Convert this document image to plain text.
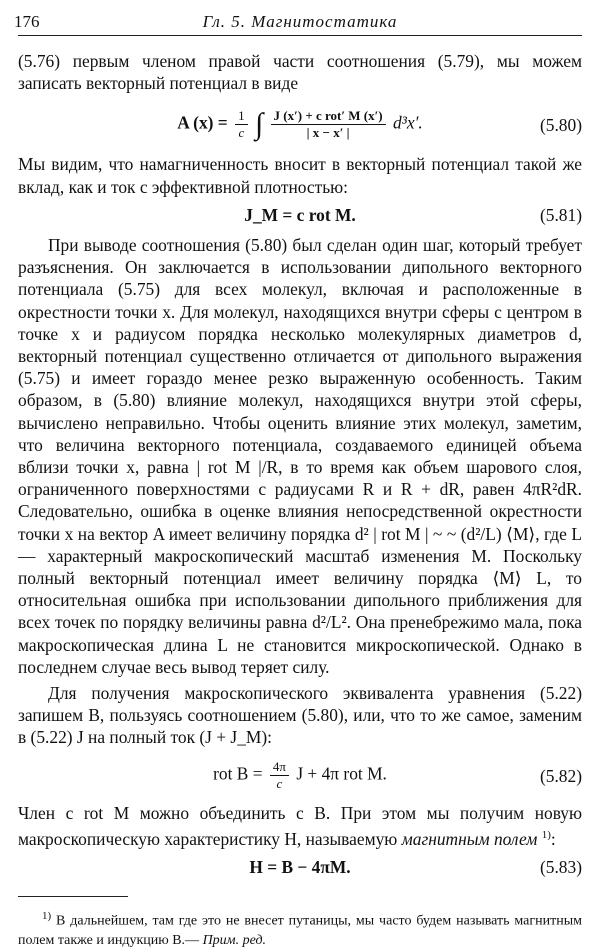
176	Гл. 5. Магнитостатика

(5.76) первым членом правой части соотношения (5.79), мы можем записать векторный потенциал в виде

A $(x) = \frac{1}{c}$ ∫ $\frac{\text{J (x′) + c rot′ M (x′)}}{| x - x' |} d^3x'$.	(5.80)

Мы видим, что намагниченность вносит в векторный потенциал такой же вклад, как и ток с эффективной плотностью:

J_M = c rot M.	(5.81)

При выводе соотношения (5.80) был сделан один шаг, который требует разъяснения. Он заключается в использовании дипольного векторного потенциала (5.75) для всех молекул, включая и расположенные в окрестности точки x. Для молекул, находящихся внутри сферы с центром в точке x и радиусом порядка несколько молекулярных диаметров d, векторный потенциал существенно отличается от дипольного выражения (5.75) и имеет гораздо менее резко выраженную особенность. Таким образом, в (5.80) влияние молекул, находящихся внутри этой сферы, вычислено неправильно. Чтобы оценить влияние этих молекул, заметим, что величина векторного потенциала, создаваемого единицей объема вблизи точки x, равна | rot M |/R, в то время как объем шарового слоя, ограниченного поверхностями с радиусами R и R + dR, равен 4πR²dR. Следовательно, ошибка в оценке влияния непосредственной окрестности точки x на вектор A имеет величину порядка d² | rot M | ~ ~ (d²/L) ⟨M⟩, где L — характерный макроскопический масштаб изменения M. Поскольку полный векторный потенциал имеет величину порядка ⟨M⟩ L, то относительная ошибка при использовании дипольного приближения для всех точек по порядку величины равна d²/L². Она пренебрежимо мала, пока макроскопическая длина L не становится микроскопической. Однако в последнем случае весь вывод теряет силу.

Для получения макроскопического эквивалента уравнения (5.22) запишем B, пользуясь соотношением (5.80), или, что то же самое, заменим в (5.22) J на полный ток (J + J_M):

rot $B = \frac{4\pi}{c}$ J + 4π rot M.	(5.82)

Член с rot M можно объединить с B. При этом мы получим новую макроскопическую характеристику H, называемую магнитным полем $^{1)}$:

H = B − 4πM.	(5.83)

$^{1)}$ В дальнейшем, там где это не внесет путаницы, мы часто будем называть магнитным полем также и индукцию B.— Прим. ред.
